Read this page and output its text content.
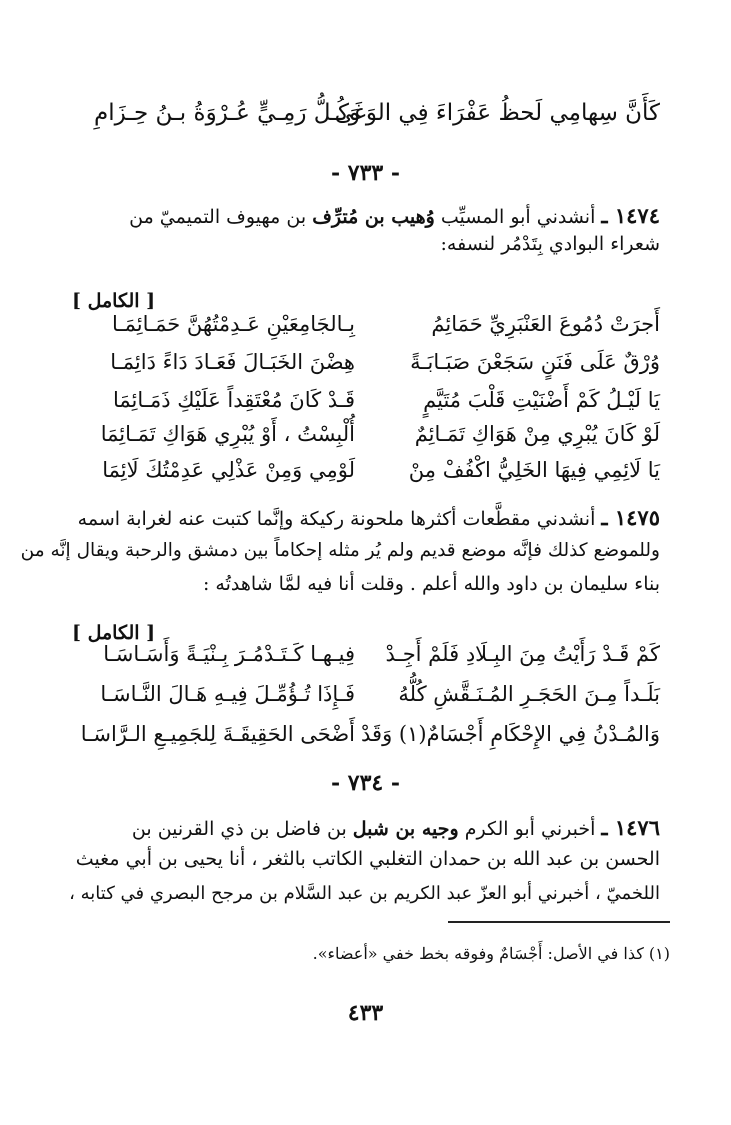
كَأَنَّ سِهامِي لَحظُ عَفْرَاءَ فِي الوَغَى
وَكُـلُّ رَمِـيٍّ عُـرْوَةُ بـنُ حِـزَامِ
- ٧٣٣ -
١٤٧٤ ـ أنشدني أبو المسيِّب وُهيب بن مُترِّف بن مهيوف التميميّ من
شعراء البوادي بِتَدْمُر لنسفه:
[ الكامل ]
أَجرَتْ دُمُوعَ العَنْبَرِيِّ حَمَائِمُ
بِـالجَامِعَيْنِ عَـدِمْتُهُنَّ حَمَـائِمَـا
وُرْقٌ عَلَى فَنَنٍ سَجَعْنَ صَبَـابَـةً
هِضْنَ الخَبَـالَ فَعَـادَ دَاءً دَائِمَـا
يَا لَيْـلُ كَمْ أَضْنَيْتِ قَلْبَ مُتَيَّمٍ
قَـدْ كَانَ مُعْتَقِداً عَلَيْكِ ذَمَـائِمَا
لَوْ كَانَ يُبْرِي مِنْ هَوَاكِ تَمَـائِمٌ
أُلْبِسْتُ ، أَوْ يُبْرِي هَوَاكِ تَمَـائِمَا
يَا لَائِمِي فِيهَا الخَلِيُّ اكْفُفْ مِنْ
لَوْمِي وَمِنْ عَذْلِي عَدِمْتُكَ لَائِمَا
١٤٧٥ ـ أنشدني مقطَّعات أكثرها ملحونة ركيكة وإنَّما كتبت عنه لغرابة اسمه
وللموضع كذلك فإنَّه موضع قديم ولم يُر مثله إحكاماً بين دمشق والرحبة ويقال إنَّه من
بناء سليمان بن داود والله أعلم . وقلت أنا فيه لمَّا شاهدتُه :
[ الكامل ]
كَمْ قَـدْ رَأَيْتُ مِنَ البِـلَادِ فَلَمْ أَجِـدْ
فِيـهـا كَـتَـدْمُـرَ بِـنْيَـةً وَأَسَـاسَـا
بَلَـداً مِـنَ الحَجَـرِ المُـنَـقَّشِ كُلُّهُ
فَـإِذَا تُـؤُمِّـلَ فِيـهِ هَـالَ النَّـاسَـا
وَالمُـدْنُ فِي الإِحْكَامِ أَجْسَامٌ(١) وَقَدْ
أَضْحَى الحَقِيقَـةَ لِلجَمِيـعِ الـرَّاسَـا
- ٧٣٤ -
١٤٧٦ ـ أخبرني أبو الكرم وجيه بن شبل بن فاضل بن ذي القرنين بن
الحسن بن عبد الله بن حمدان التغلبي الكاتب بالثغر ، أنا يحيى بن أبي مغيث
اللخميّ ، أخبرني أبو العزّ عبد الكريم بن عبد السَّلام بن مرجح البصري في كتابه ،
(١) كذا في الأصل: أَجْسَامٌ وفوقه بخط خفي «أعضاء».
٤٣٣
